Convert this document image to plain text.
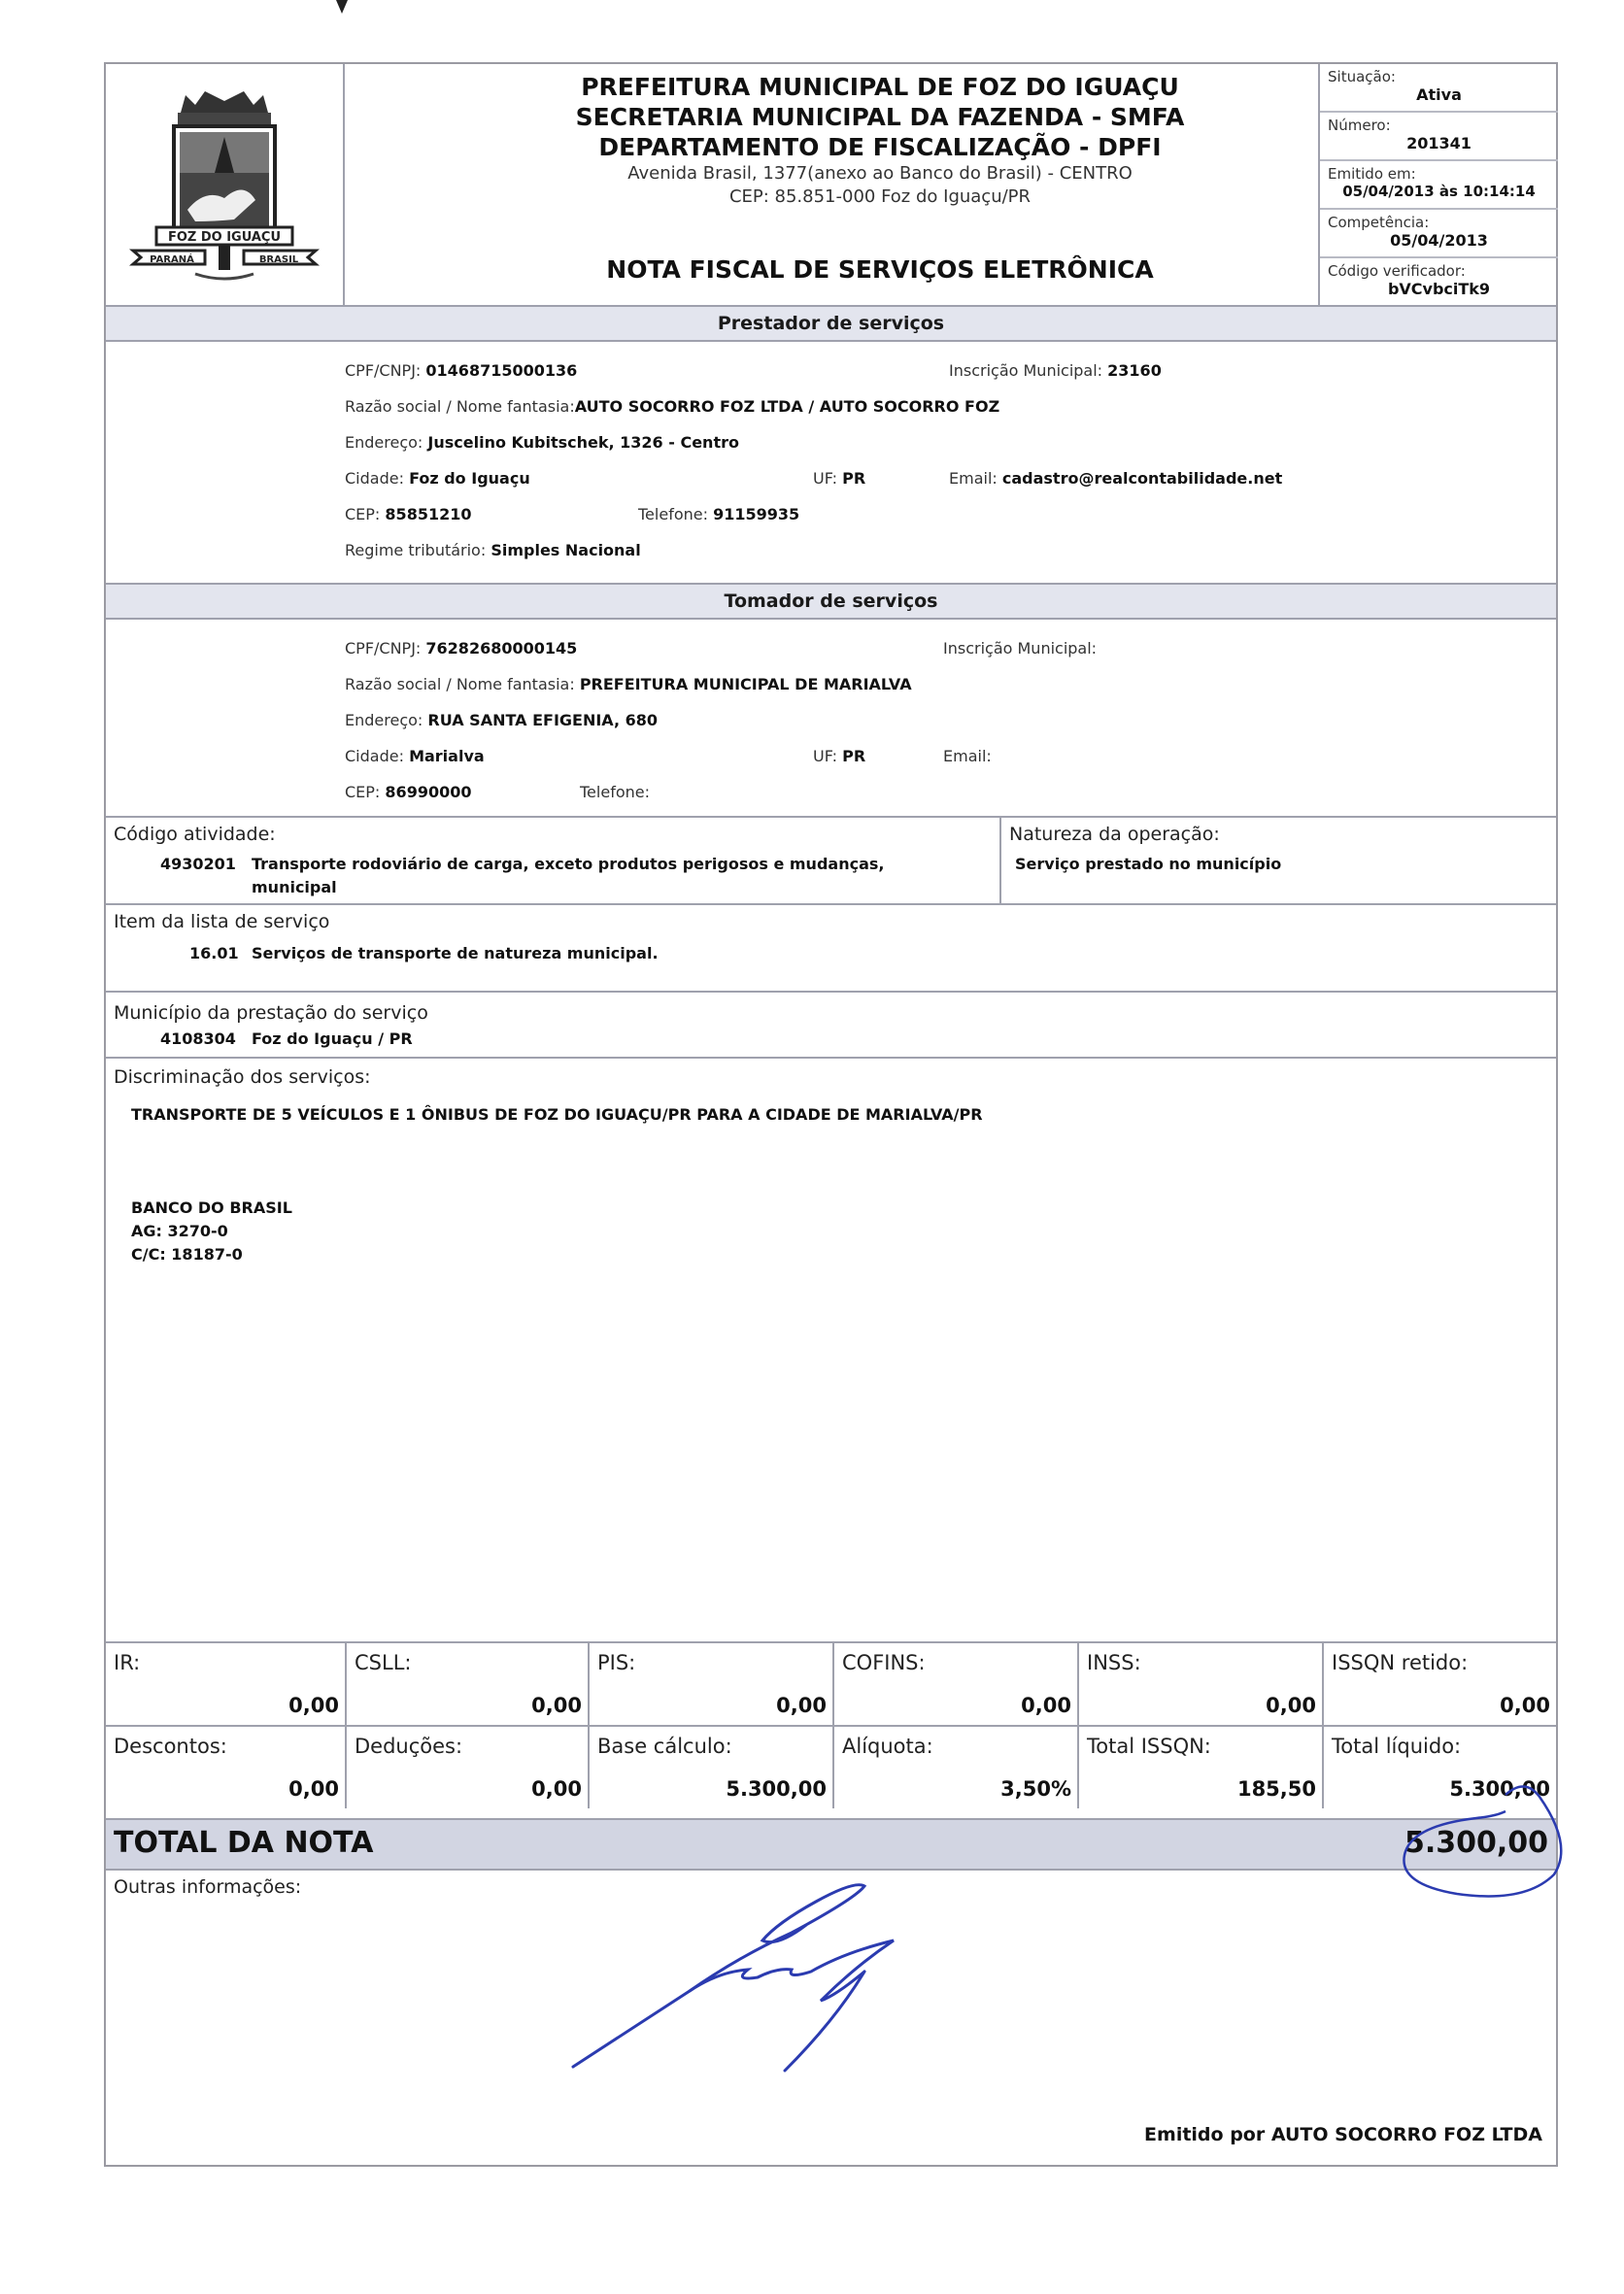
FOZ DO IGUAÇU
PARANÁ	BRASIL
PREFEITURA MUNICIPAL DE FOZ DO IGUAÇU
SECRETARIA MUNICIPAL DA FAZENDA - SMFA
DEPARTAMENTO DE FISCALIZAÇÃO - DPFI
Avenida Brasil, 1377(anexo ao Banco do Brasil) - CENTRO
CEP: 85.851-000 Foz do Iguaçu/PR
NOTA FISCAL DE SERVIÇOS ELETRÔNICA
Situação:
Ativa
Número:
201341
Emitido em:
05/04/2013 às 10:14:14
Competência:
05/04/2013
Código verificador:
bVCvbciTk9
Prestador de serviços
CPF/CNPJ: 01468715000136	Inscrição Municipal: 23160
Razão social / Nome fantasia:AUTO SOCORRO FOZ LTDA / AUTO SOCORRO FOZ
Endereço: Juscelino Kubitschek, 1326 - Centro
Cidade: Foz do Iguaçu	UF: PR	Email: cadastro@realcontabilidade.net
CEP: 85851210	Telefone: 91159935
Regime tributário: Simples Nacional
Tomador de serviços
CPF/CNPJ: 76282680000145	Inscrição Municipal:
Razão social / Nome fantasia: PREFEITURA MUNICIPAL DE MARIALVA
Endereço: RUA SANTA EFIGENIA, 680
Cidade: Marialva	UF: PR	Email:
CEP: 86990000	Telefone:
Código atividade:
4930201 Transporte rodoviário de carga, exceto produtos perigosos e mudanças,
municipal
Natureza da operação:
Serviço prestado no município
Item da lista de serviço
16.01 Serviços de transporte de natureza municipal.
Município da prestação do serviço
4108304 Foz do Iguaçu / PR
Discriminação dos serviços:
TRANSPORTE DE 5 VEÍCULOS E 1 ÔNIBUS DE FOZ DO IGUAÇU/PR PARA A CIDADE DE MARIALVA/PR
BANCO DO BRASIL
AG: 3270-0
C/C: 18187-0
IR:
0,00
CSLL:
0,00
PIS:
0,00
COFINS:
0,00
INSS:
0,00
ISSQN retido:
0,00
Descontos:
0,00
Deduções:
0,00
Base cálculo:
5.300,00
Alíquota:
3,50%
Total ISSQN:
185,50
Total líquido:
5.300,00
TOTAL DA NOTA	5.300,00
Outras informações:
Emitido por AUTO SOCORRO FOZ LTDA
